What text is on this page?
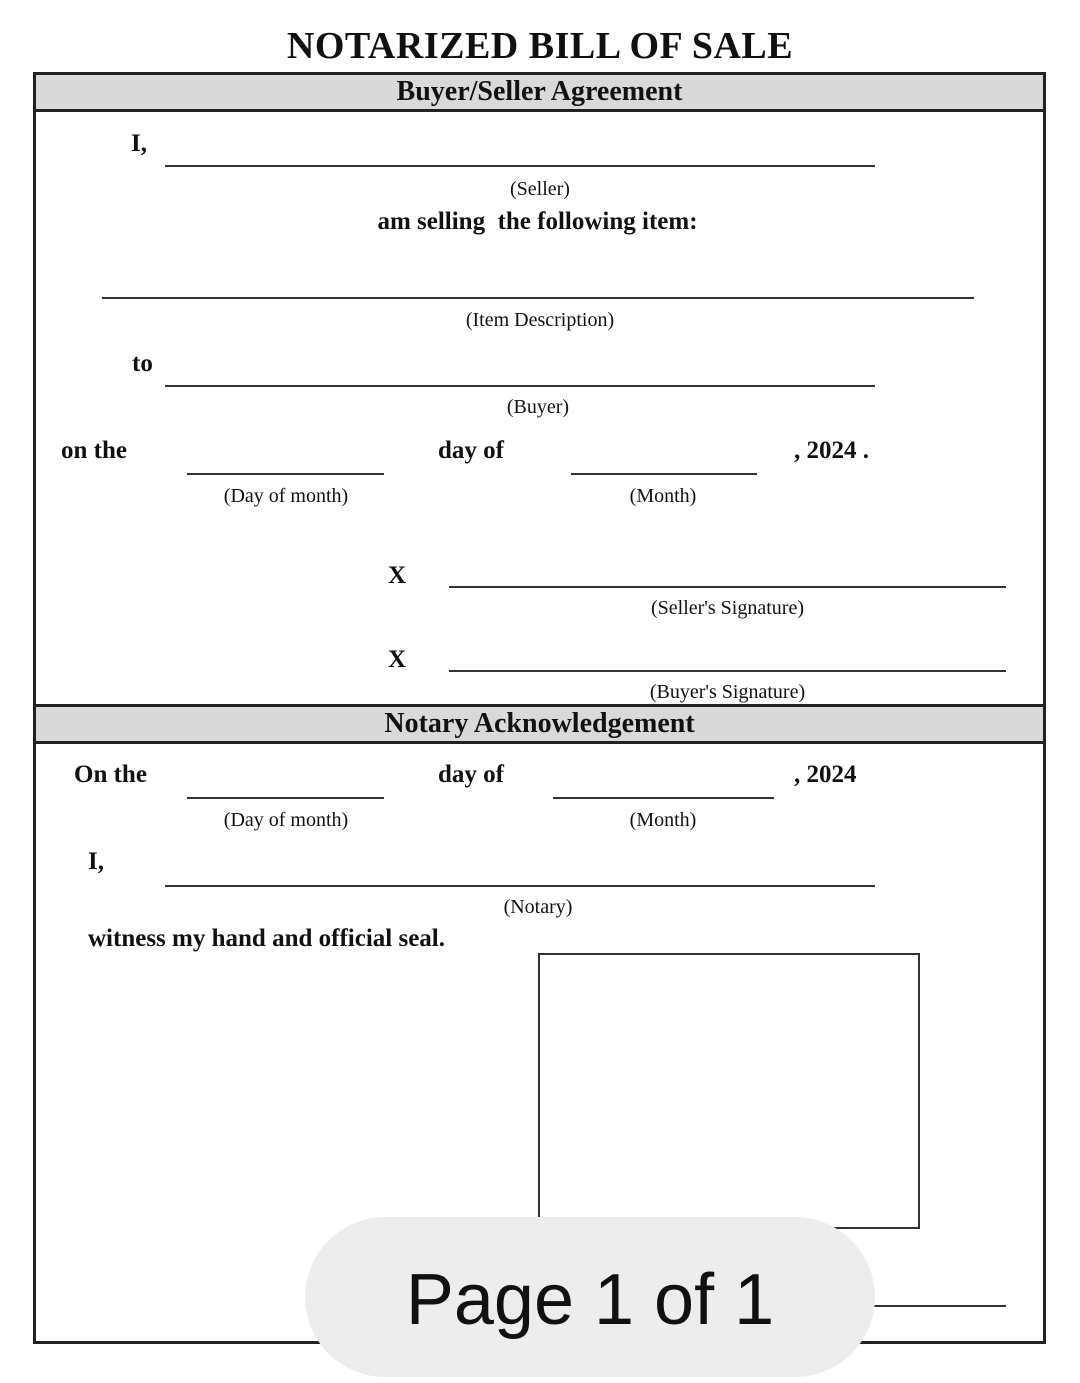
NOTARIZED BILL OF SALE
Buyer/Seller Agreement
I,
(Seller)
am selling  the following item:
(Item Description)
to
(Buyer)
on the	day of	, 2024 .
(Day of month)	(Month)
X
(Seller's Signature)
X
(Buyer's Signature)
Notary Acknowledgement
On the	day of	, 2024
(Day of month)	(Month)
I,
(Notary)
witness my hand and official seal.
Page 1 of 1
